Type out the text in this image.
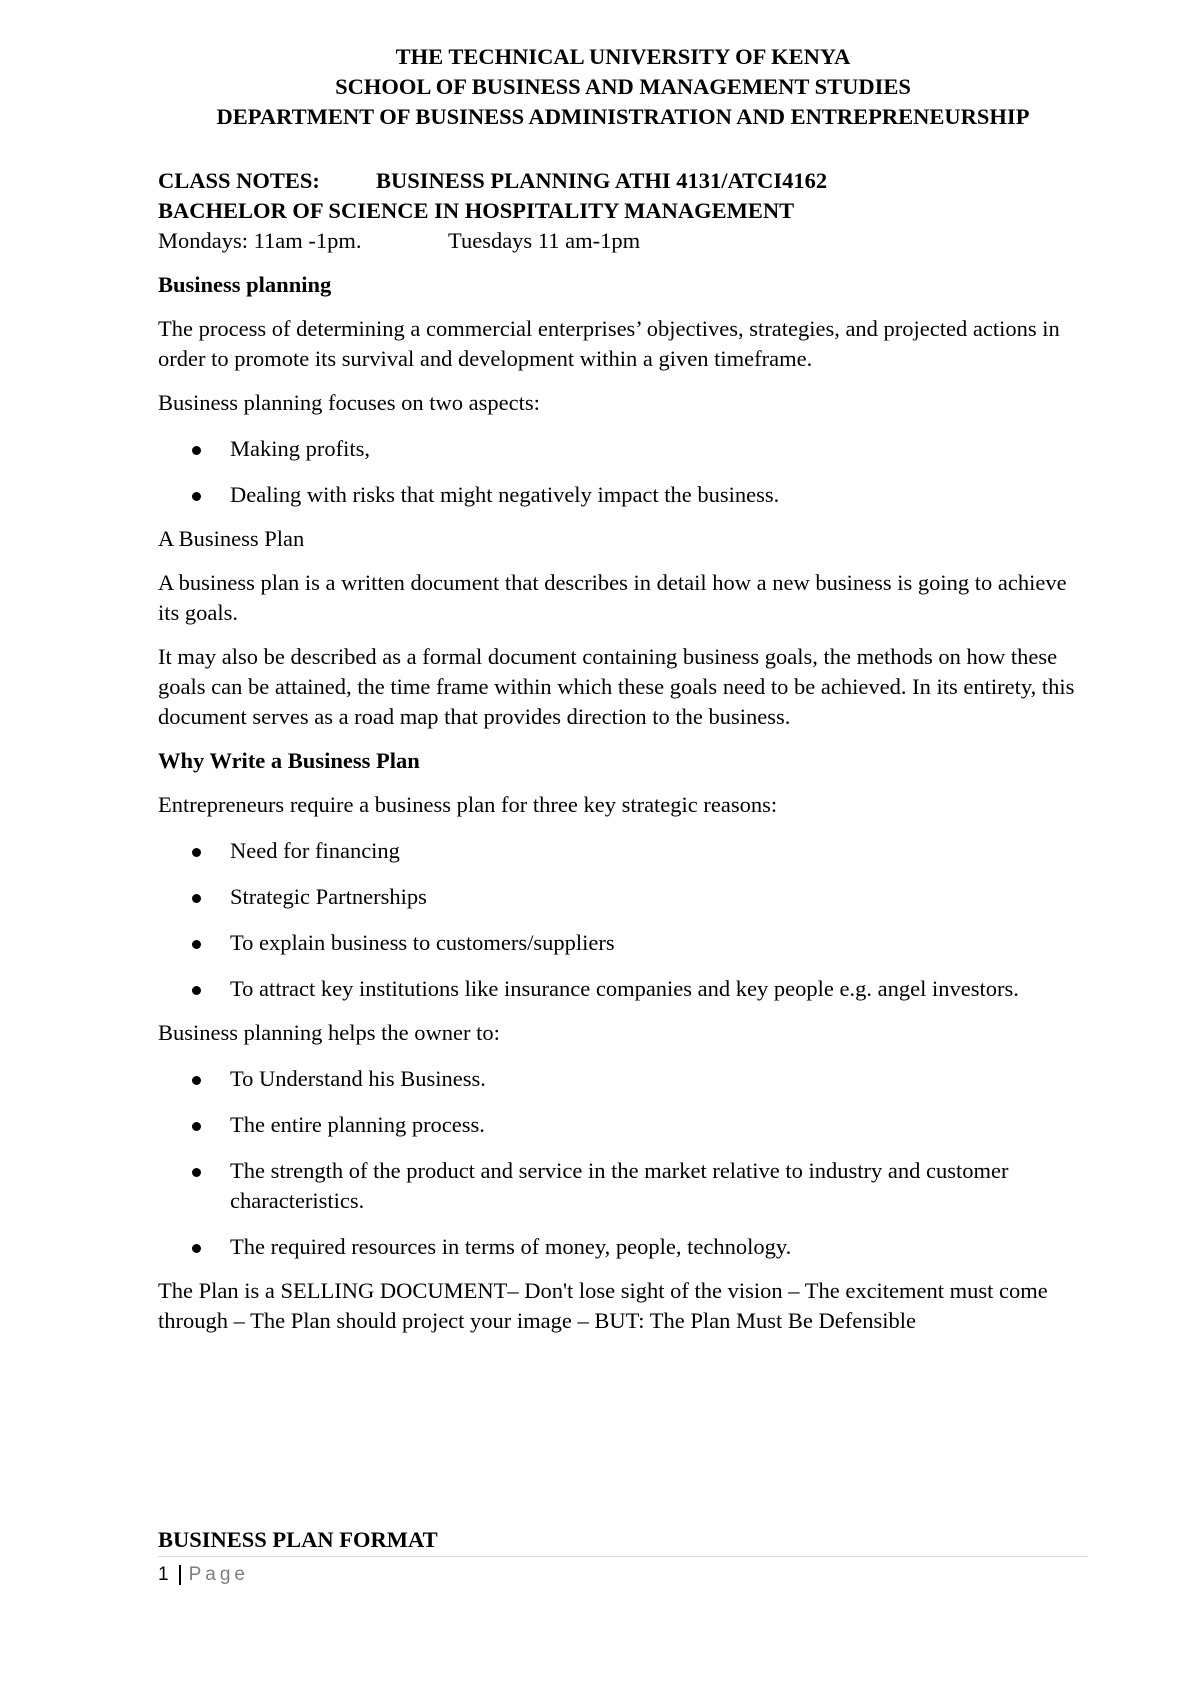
THE TECHNICAL UNIVERSITY OF KENYA
SCHOOL OF BUSINESS AND MANAGEMENT STUDIES
DEPARTMENT OF BUSINESS ADMINISTRATION AND ENTREPRENEURSHIP
CLASS NOTES:	BUSINESS PLANNING ATHI 4131/ATCI4162
BACHELOR OF SCIENCE IN HOSPITALITY MANAGEMENT
Mondays: 11am -1pm.	Tuesdays 11 am-1pm

Business planning

The process of determining a commercial enterprises’ objectives, strategies, and projected actions in order to promote its survival and development within a given timeframe.

Business planning focuses on two aspects:

Making profits,
Dealing with risks that might negatively impact the business.

A Business Plan

A business plan is a written document that describes in detail how a new business is going to achieve its goals.

It may also be described as a formal document containing business goals, the methods on how these goals can be attained, the time frame within which these goals need to be achieved. In its entirety, this document serves as a road map that provides direction to the business.

Why Write a Business Plan

Entrepreneurs require a business plan for three key strategic reasons:

Need for financing
Strategic Partnerships
To explain business to customers/suppliers
To attract key institutions like insurance companies and key people e.g. angel investors.

Business planning helps the owner to:

To Understand his Business.
The entire planning process.
The strength of the product and service in the market relative to industry and customer characteristics.
The required resources in terms of money, people, technology.

The Plan is a SELLING DOCUMENT– Don't lose sight of the vision – The excitement must come through – The Plan should project your image – BUT: The Plan Must Be Defensible

BUSINESS PLAN FORMAT
1 Page
